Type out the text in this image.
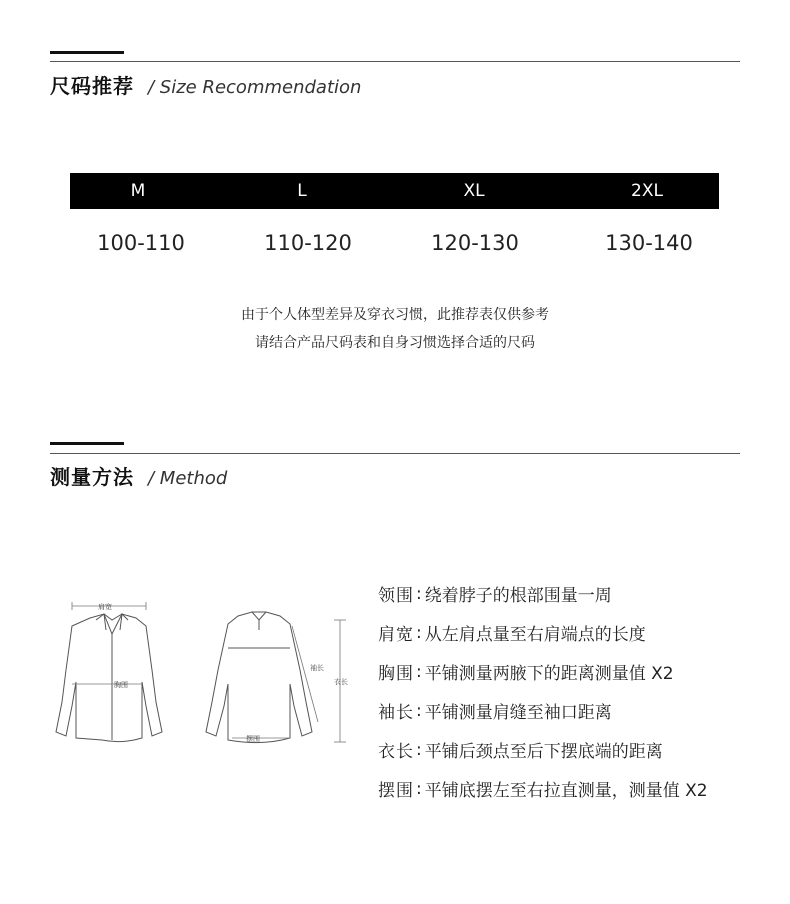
尺码推荐 / Size Recommendation
M	L	XL	2XL
100-110	110-120	120-130	130-140
由于个人体型差异及穿衣习惯，此推荐表仅供参考
请结合产品尺码表和自身习惯选择合适的尺码
测量方法 / Method
肩宽
胸围
摆围
袖长
衣长
领围 : 绕着脖子的根部围量一周
肩宽 : 从左肩点量至右肩端点的长度
胸围 : 平铺测量两腋下的距离测量值 X2
袖长 : 平铺测量肩缝至袖口距离
衣长 : 平铺后颈点至后下摆底端的距离
摆围 : 平铺底摆左至右拉直测量，测量值 X2
